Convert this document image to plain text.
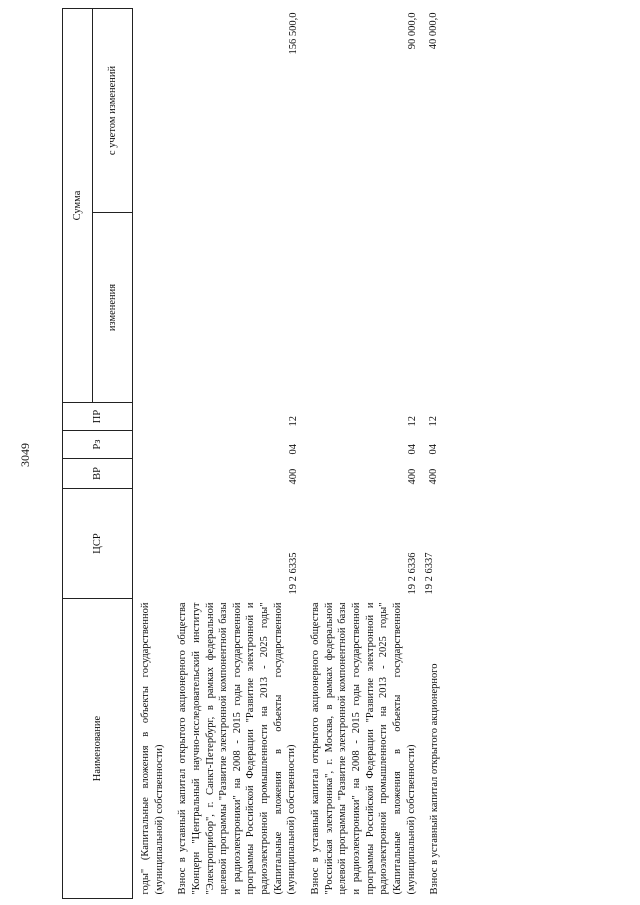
3049
Наименование	ЦСР	ВР	Рз	ПР	Сумма	
					изменения	с учетом изменений
годы" (Капитальные вложения в объекты государственной (муниципальной) собственности)						
Взнос в уставный капитал открытого акционерного общества "Концерн "Центральный научно-исследовательский институт "Электроприбор", г. Санкт-Петербург, в рамках федеральной целевой программы "Развитие электронной компонентной базы и радиоэлектроники" на 2008 - 2015 годы государственной программы Российской Федерации "Развитие электронной и радиоэлектронной промышленности на 2013 - 2025 годы" (Капитальные вложения в объекты государственной (муниципальной) собственности)	19 2 6335	400	04	12		156 500,0
Взнос в уставный капитал открытого акционерного общества "Российская электроника", г. Москва, в рамках федеральной целевой программы "Развитие электронной компонентной базы и радиоэлектроники" на 2008 - 2015 годы государственной программы Российской Федерации "Развитие электронной и радиоэлектронной промышленности на 2013 - 2025 годы" (Капитальные вложения в объекты государственной (муниципальной) собственности)	19 2 6336	400	04	12		90 000,0
Взнос в уставный капитал открытого акционерного	19 2 6337	400	04	12		40 000,0
